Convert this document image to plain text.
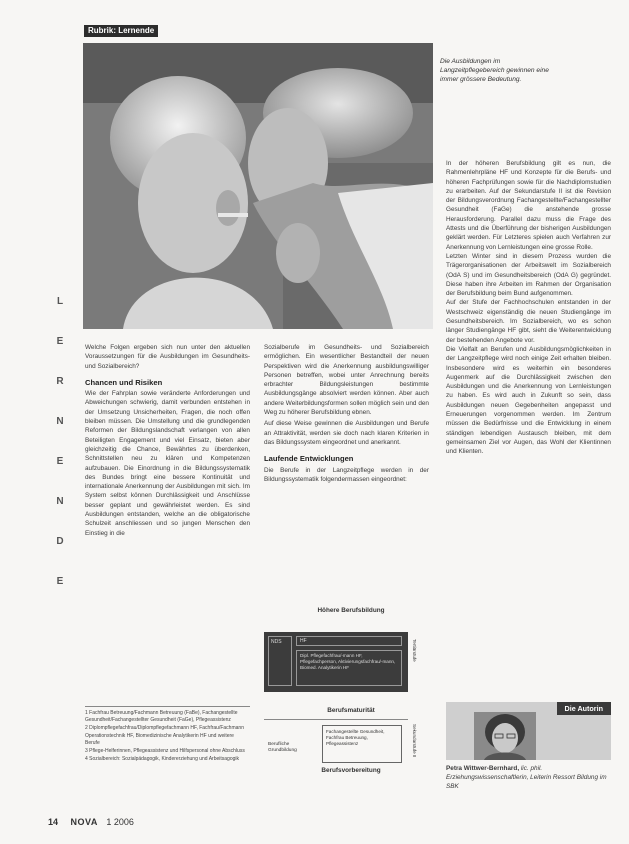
Rubrik: Lernende
Die Ausbildungen im Langzeitpflegebereich gewinnen eine immer grössere Bedeutung.
L
E
R
N
E
N
D
E

Welche Folgen ergeben sich nun unter den aktuellen Voraussetzungen für die Ausbildungen im Gesundheits- und Sozialbereich?

Chancen und Risiken

Wie der Fahrplan sowie veränderte Anforderungen und Abweichungen schwierig, damit verbunden entstehen in der Umsetzung Unsicherheiten, Fragen, die noch offen bleiben müssen. Die Umstellung und die grundlegenden Reformen der Bildungslandschaft verlangen von allen Beteiligten Engagement und viel Einsatz, bieten aber gleichzeitig die Chance, Bewährtes zu überdenken, Schnittstellen neu zu klären und Kompetenzen aufzubauen. Die Einordnung in die Bildungssystematik des Bundes bringt eine bessere Kontinuität und internationale Anerkennung der Ausbildungen mit sich. Im System selbst können Durchlässigkeit und Anschlüsse besser geplant und gewährleistet werden. Es sind Ausbildungen entstanden, welche an die obligatorische Schulzeit anschliessen und so jungen Menschen den Einstieg in die

1 Fachfrau Betreuung/Fachmann Betreuung (FaBe), Fachangestellte Gesundheit/Fachangestellter Gesundheit (FaGe), Pflegeassistenz

2 Diplompflegefachfrau/Diplompflegefachmann HF, Fachfrau/Fachmann Operationstechnik HF, Biomedizinische Analytikerin HF und weitere Berufe

3 Pflege-Helferinnen, Pflegeassistenz und Hilfspersonal ohne Abschluss

4 Sozialbereich: Sozialpädagogik, Kindererziehung und Arbeitsagogik

Sozialberufe im Gesundheits- und Sozialbereich ermöglichen. Ein wesentlicher Bestandteil der neuen Perspektiven wird die Anerkennung ausbildungswilliger Personen betreffen, wobei unter Anrechnung bereits erbrachter Bildungsleistungen bestimmte Ausbildungsgänge absolviert werden können. Aber auch andere Weiterbildungsformen sollen möglich sein und den Weg zu höherer Berufsbildung ebnen.

Auf diese Weise gewinnen die Ausbildungen und Berufe an Attraktivität, werden sie doch nach klaren Kriterien in das Bildungssystem eingeordnet und anerkannt.

Laufende Entwicklungen

Die Berufe in der Langzeitpflege werden in der Bildungssystematik folgendermassen eingeordnet:

Höhere Berufsbildung
NDS	HF
Dipl. Pflegefachfrau/-mann HF, Pflegefachperson, Aktivierungsfachfrau/-mann, Biomed. Analytikerin HF
Tertiärstufe
Berufsmaturität
Berufliche Grundbildung
Fachangestellte Gesundheit, Fachfrau Betreuung, Pflegeassistenz	Sekundarstufe II
Berufsvorbereitung

In der höheren Berufsbildung gilt es nun, die Rahmenlehrpläne HF und Konzepte für die Berufs- und höheren Fachprüfungen sowie für die Nachdiplomstudien zu erarbeiten. Auf der Sekundarstufe II ist die Revision der Bildungsverordnung Fachangestellte/Fachangestellter Gesundheit (FaGe) die anstehende grosse Herausforderung. Parallel dazu muss die Frage des Attests und die Überführung der bisherigen Ausbildungen geklärt werden. Für Letzteres spielen auch Verfahren zur Anerkennung von Lernleistungen eine grosse Rolle.

Letzten Winter sind in diesem Prozess wurden die Trägerorganisationen der Arbeitswelt im Sozialbereich (OdA S) und im Gesundheitsbereich (OdA G) gegründet. Diese haben ihre Arbeiten im Rahmen der Organisation der Berufsbildung beim Bund aufgenommen.

Auf der Stufe der Fachhochschulen entstanden in der Westschweiz eigenständig die neuen Studiengänge im Gesundheitsbereich. Im Sozialbereich, wo es schon länger Studiengänge HF gibt, sieht die Weiterentwicklung der bestehenden Angebote vor.

Die Vielfalt an Berufen und Ausbildungsmöglichkeiten in der Langzeitpflege wird noch einige Zeit erhalten bleiben. Insbesondere wird es weiterhin ein besonderes Augenmerk auf die Durchlässigkeit zwischen den Ausbildungen und die Anerkennung von Lernleistungen zu haben. Es wird auch in Zukunft so sein, dass Ausbildungen neuen Gegebenheiten angepasst und Erneuerungen vorgenommen werden. Im Zentrum müssen die Bedürfnisse und die Entwicklung in einem ständigen lebendigen Austausch bleiben, mit dem gemeinsamen Ziel vor Augen, das Wohl der Klientinnen und Klienten.

Die Autorin
Petra Wittwer-Bernhard, lic. phil. Erziehungswissenschaftlerin, Leiterin Ressort Bildung im SBK
14 NOVA 1 2006
